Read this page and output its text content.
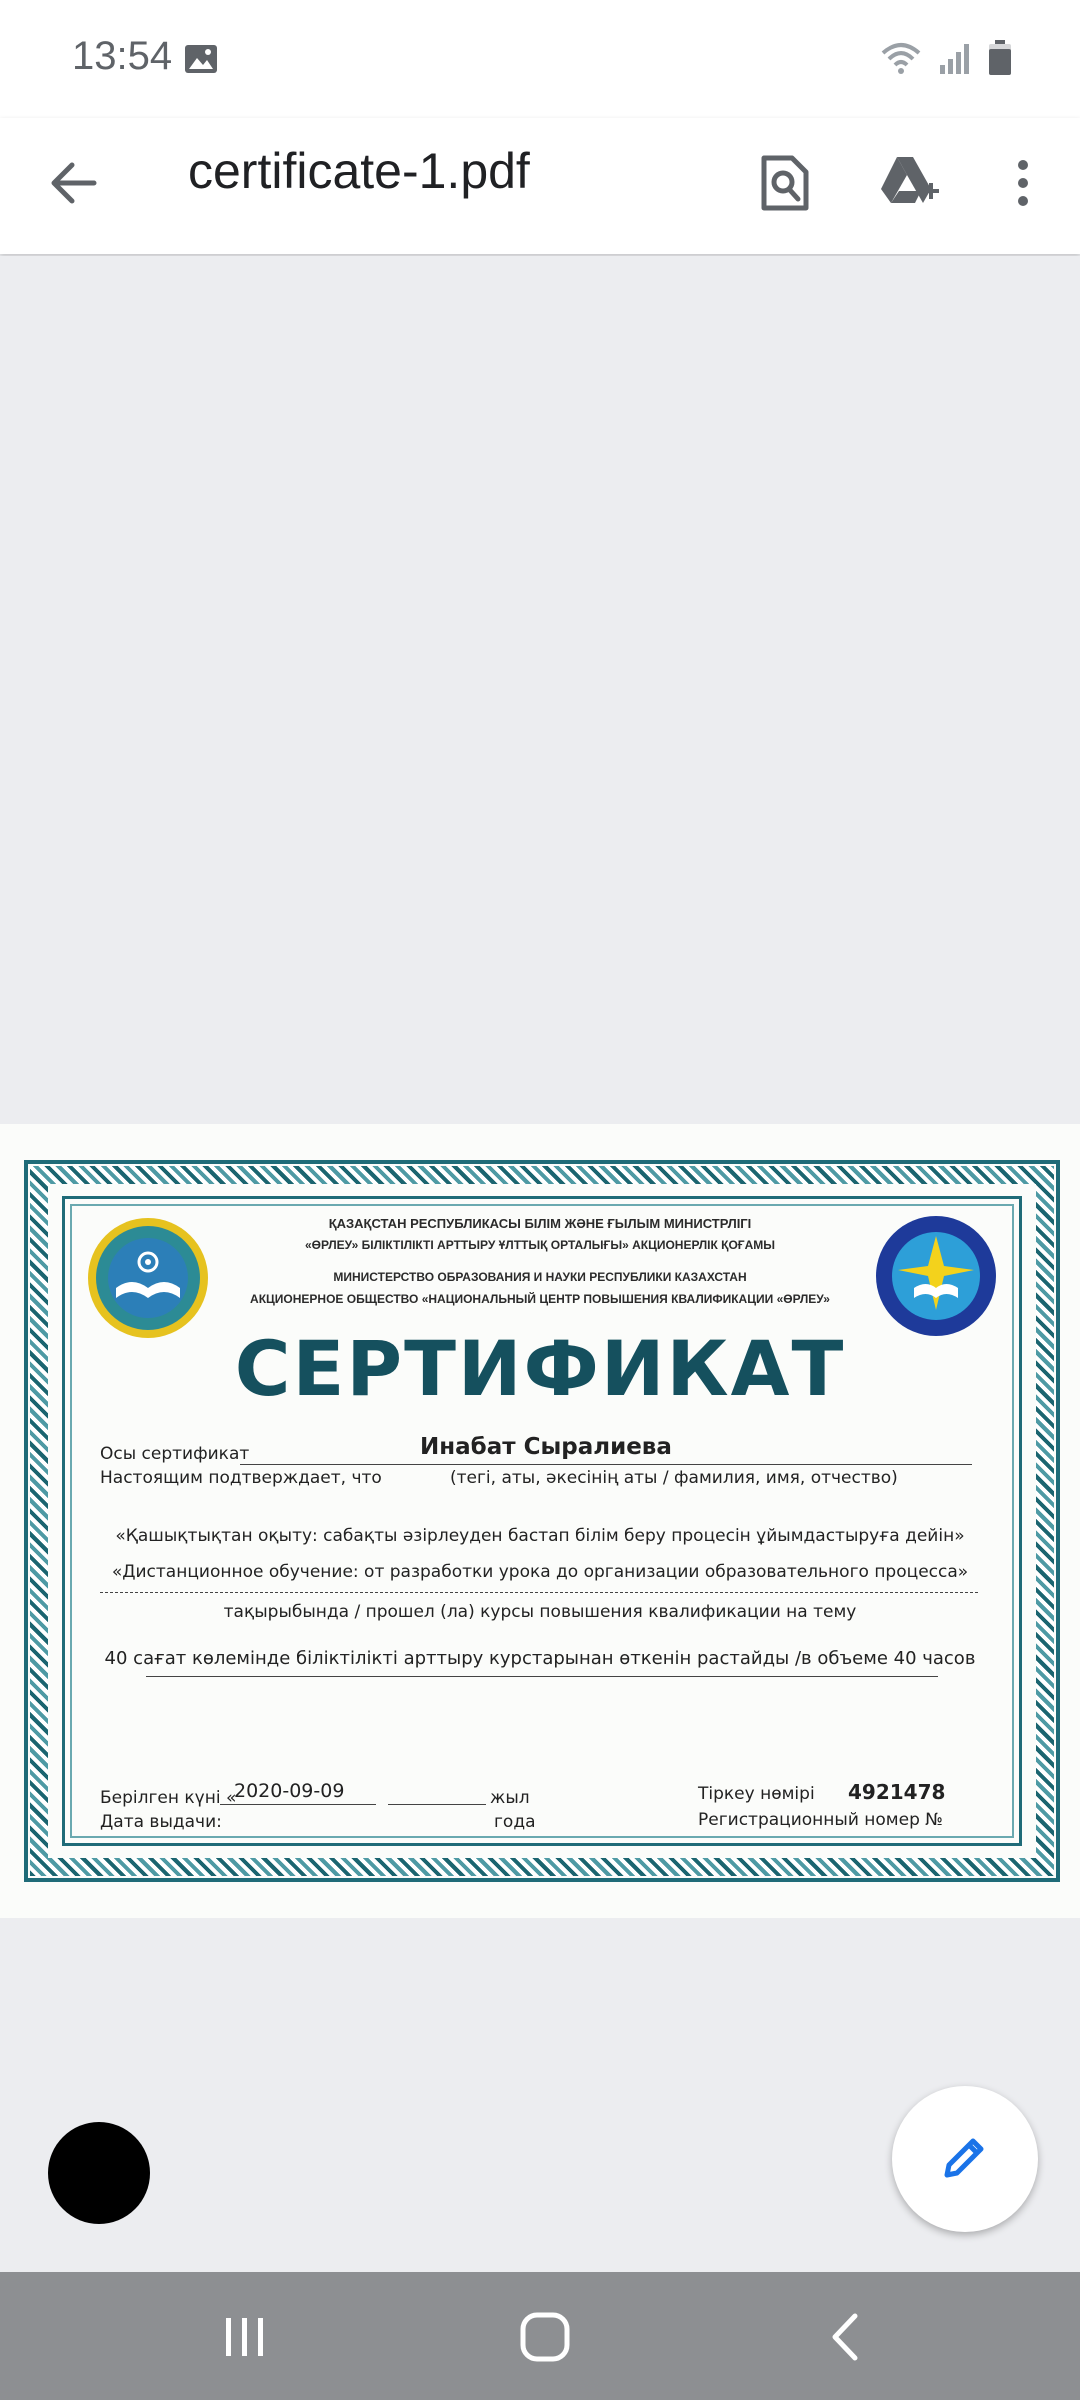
13:54
certificate-1.pdf
ҚАЗАҚСТАН РЕСПУБЛИКАСЫ БІЛІМ ЖӘНЕ ҒЫЛЫМ МИНИСТРЛІГІ
«ӨРЛЕУ» БІЛІКТІЛІКТІ АРТТЫРУ ҰЛТТЫҚ ОРТАЛЫҒЫ» АКЦИОНЕРЛІК ҚОҒАМЫ
МИНИСТЕРСТВО ОБРАЗОВАНИЯ И НАУКИ РЕСПУБЛИКИ КАЗАХСТАН
АКЦИОНЕРНОЕ ОБЩЕСТВО «НАЦИОНАЛЬНЫЙ ЦЕНТР ПОВЫШЕНИЯ КВАЛИФИКАЦИИ «ӨРЛЕУ»
СЕРТИФИКАТ
Осы сертификат	Инабат Сыралиева
Настоящим подтверждает, что	(тегі, аты, әкесінің аты / фамилия, имя, отчество)
«Қашықтықтан оқыту: сабақты әзірлеуден бастап білім беру процесін ұйымдастыруға дейін»
«Дистанционное обучение: от разработки урока до организации образовательного процесса»
тақырыбында / прошел (ла) курсы повышения квалификации на тему
40 сағат көлемінде біліктілікті арттыру курстарынан өткенін растайды /в объеме 40 часов
Берілген күні «
2020-09-09	жыл
Дата выдачи:	года
Тіркеу нөмірі 4921478
Регистрационный номер №
